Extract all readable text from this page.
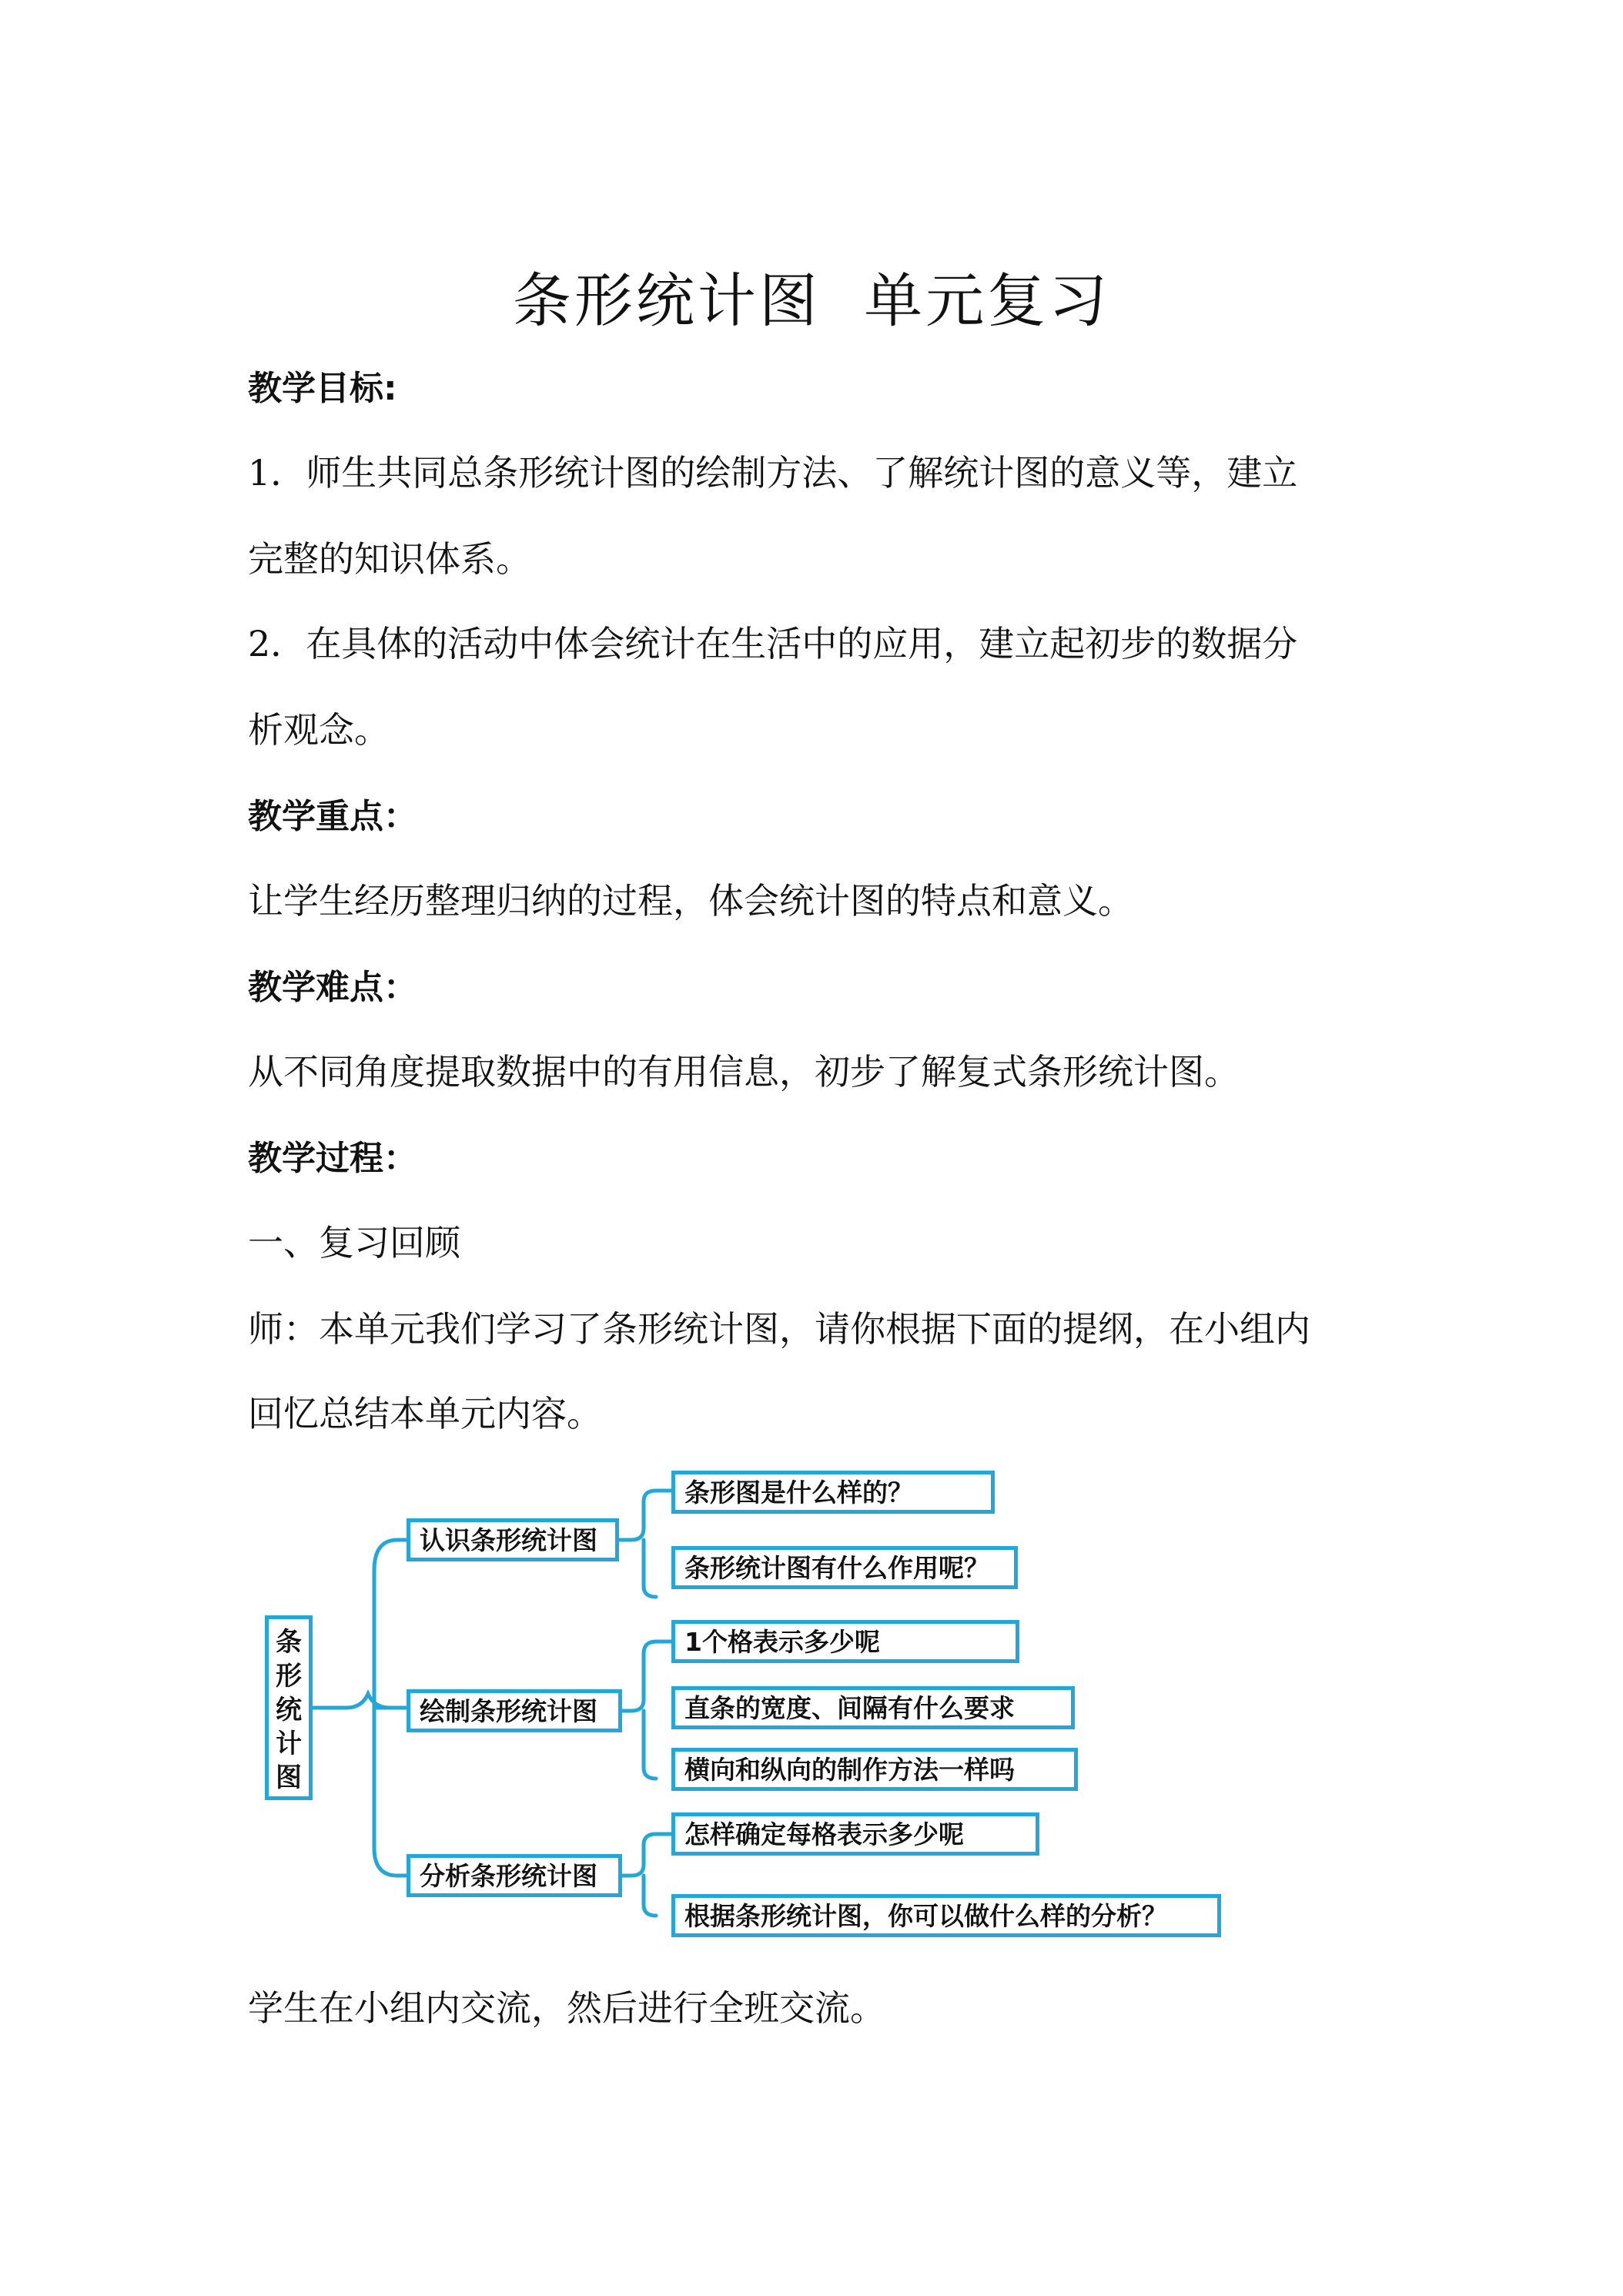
条形统计图  单元复习
教学目标:
1．师生共同总条形统计图的绘制方法、了解统计图的意义等，建立
完整的知识体系。
2．在具体的活动中体会统计在生活中的应用，建立起初步的数据分
析观念。
教学重点：
让学生经历整理归纳的过程，体会统计图的特点和意义。
教学难点：
从不同角度提取数据中的有用信息，初步了解复式条形统计图。
教学过程：
一、复习回顾
师：本单元我们学习了条形统计图，请你根据下面的提纲，在小组内
回忆总结本单元内容。
条
形
统
计
图
认识条形统计图
条形图是什么样的？
条形统计图有什么作用呢？
绘制条形统计图
1个格表示多少呢
直条的宽度、间隔有什么要求
横向和纵向的制作方法一样吗
分析条形统计图
怎样确定每格表示多少呢
根据条形统计图，你可以做什么样的分析？
学生在小组内交流，然后进行全班交流。
